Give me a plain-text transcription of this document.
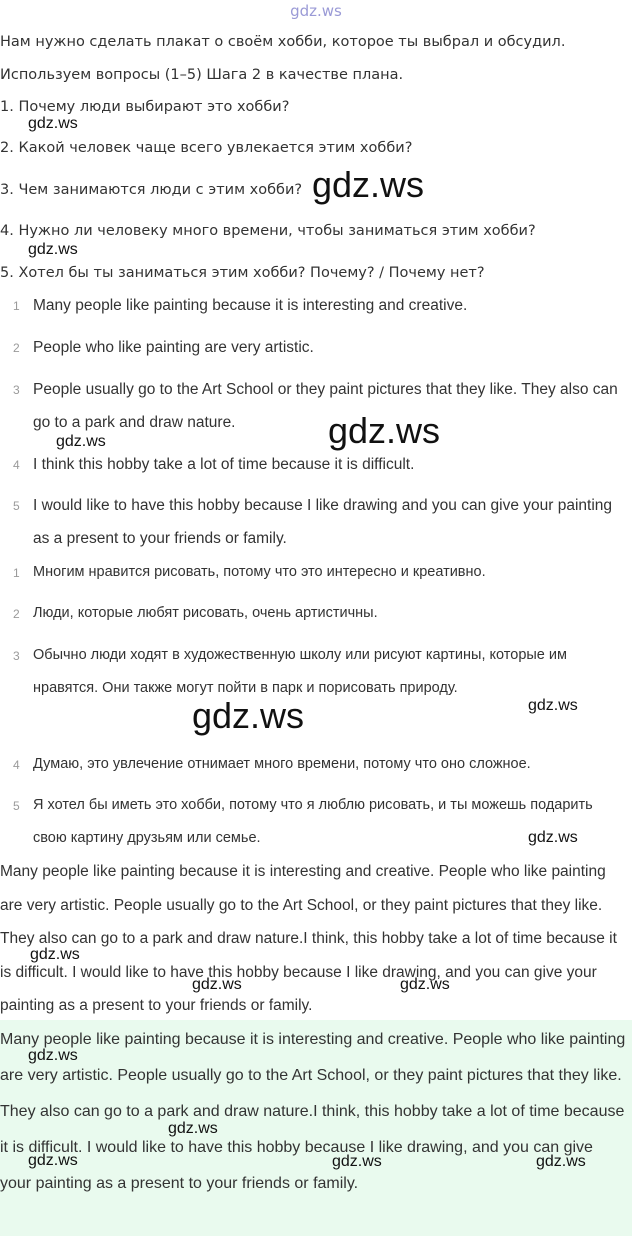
gdz.ws
Нам нужно сделать плакат о своём хобби, которое ты выбрал и обсудил.
Используем вопросы (1–5) Шага 2 в качестве плана.
1. Почему люди выбирают это хобби?
2. Какой человек чаще всего увлекается этим хобби?
3. Чем занимаются люди с этим хобби?
4. Нужно ли человеку много времени, чтобы заниматься этим хобби?
5. Хотел бы ты заниматься этим хобби? Почему? / Почему нет?
1 Many people like painting because it is interesting and creative.
2 People who like painting are very artistic.
3 People usually go to the Art School or they paint pictures that they like. They also can go to a park and draw nature.
4 I think this hobby take a lot of time because it is difficult.
5 I would like to have this hobby because I like drawing and you can give your painting as a present to your friends or family.
1 Многим нравится рисовать, потому что это интересно и креативно.
2 Люди, которые любят рисовать, очень артистичны.
3 Обычно люди ходят в художественную школу или рисуют картины, которые им нравятся. Они также могут пойти в парк и порисовать природу.
4 Думаю, это увлечение отнимает много времени, потому что оно сложное.
5 Я хотел бы иметь это хобби, потому что я люблю рисовать, и ты можешь подарить свою картину друзьям или семье.
Many people like painting because it is interesting and creative. People who like painting are very artistic. People usually go to the Art School, or they paint pictures that they like. They also can go to a park and draw nature.I think, this hobby take a lot of time because it is difficult. I would like to have this hobby because I like drawing, and you can give your painting as a present to your friends or family.
Many people like painting because it is interesting and creative. People who like painting are very artistic. People usually go to the Art School, or they paint pictures that they like. They also can go to a park and draw nature.I think, this hobby take a lot of time because it is difficult. I would like to have this hobby because I like drawing, and you can give your painting as a present to your friends or family.
gdz.ws
gdz.ws
gdz.ws
gdz.ws
gdz.ws
gdz.ws	gdz.ws
gdz.ws
gdz.ws
gdz.ws	gdz.ws
gdz.ws
gdz.ws
gdz.ws	gdz.ws	gdz.ws
